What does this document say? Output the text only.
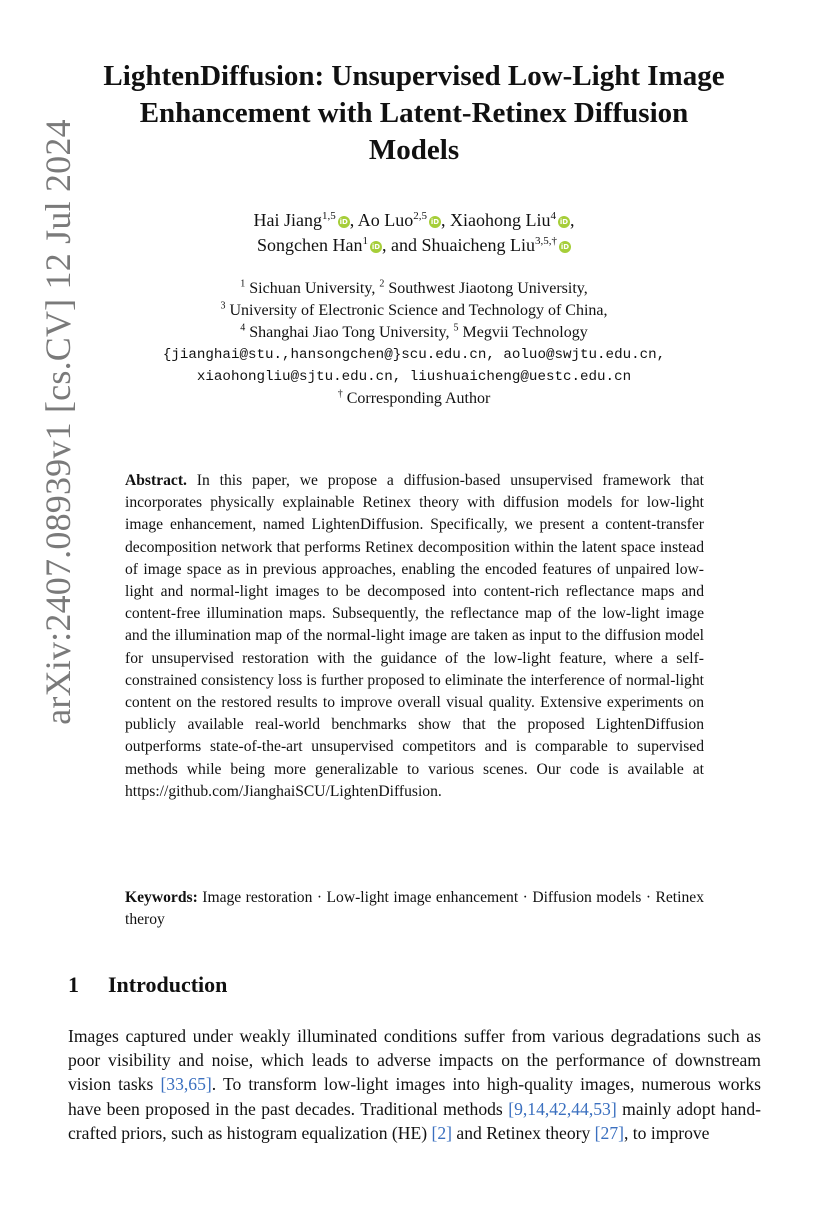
arXiv:2407.08939v1 [cs.CV] 12 Jul 2024
LightenDiffusion: Unsupervised Low-Light Image
Enhancement with Latent-Retinex Diffusion
Models
Hai Jiang$^{1,5}$ iD , Ao Luo$^{2,5}$ iD , Xiaohong Liu$^4$ iD ,
Songchen Han$^1$ iD , and Shuaicheng Liu$^{3,5,\dagger}$ iD
$^1$ Sichuan University, $^2$ Southwest Jiaotong University,
$^3$ University of Electronic Science and Technology of China,
$^4$ Shanghai Jiao Tong University, $^5$ Megvii Technology
{jianghai@stu.,hansongchen@}scu.edu.cn, aoluo@swjtu.edu.cn,
xiaohongliu@sjtu.edu.cn, liushuaicheng@uestc.edu.cn
† Corresponding Author

Abstract. In this paper, we propose a diffusion-based unsupervised framework that incorporates physically explainable Retinex theory with diffusion models for low-light image enhancement, named LightenDiffusion. Specifically, we present a content-transfer decomposition network that performs Retinex decomposition within the latent space instead of image space as in previous approaches, enabling the encoded features of unpaired low-light and normal-light images to be decomposed into content-rich reflectance maps and content-free illumination maps. Subsequently, the reflectance map of the low-light image and the illumination map of the normal-light image are taken as input to the diffusion model for unsupervised restoration with the guidance of the low-light feature, where a self-constrained consistency loss is further proposed to eliminate the interference of normal-light content on the restored results to improve overall visual quality. Extensive experiments on publicly available real-world benchmarks show that the proposed LightenDiffusion outperforms state-of-the-art unsupervised competitors and is comparable to supervised methods while being more generalizable to various scenes. Our code is available at https://github.com/JianghaiSCU/LightenDiffusion.

Keywords: Image restoration · Low-light image enhancement · Diffusion models · Retinex theroy

1 Introduction

Images captured under weakly illuminated conditions suffer from various degradations such as poor visibility and noise, which leads to adverse impacts on the performance of downstream vision tasks [33,65]. To transform low-light images into high-quality images, numerous works have been proposed in the past decades. Traditional methods [9,14,42,44,53] mainly adopt hand-crafted priors, such as histogram equalization (HE) [2] and Retinex theory [27], to improve
